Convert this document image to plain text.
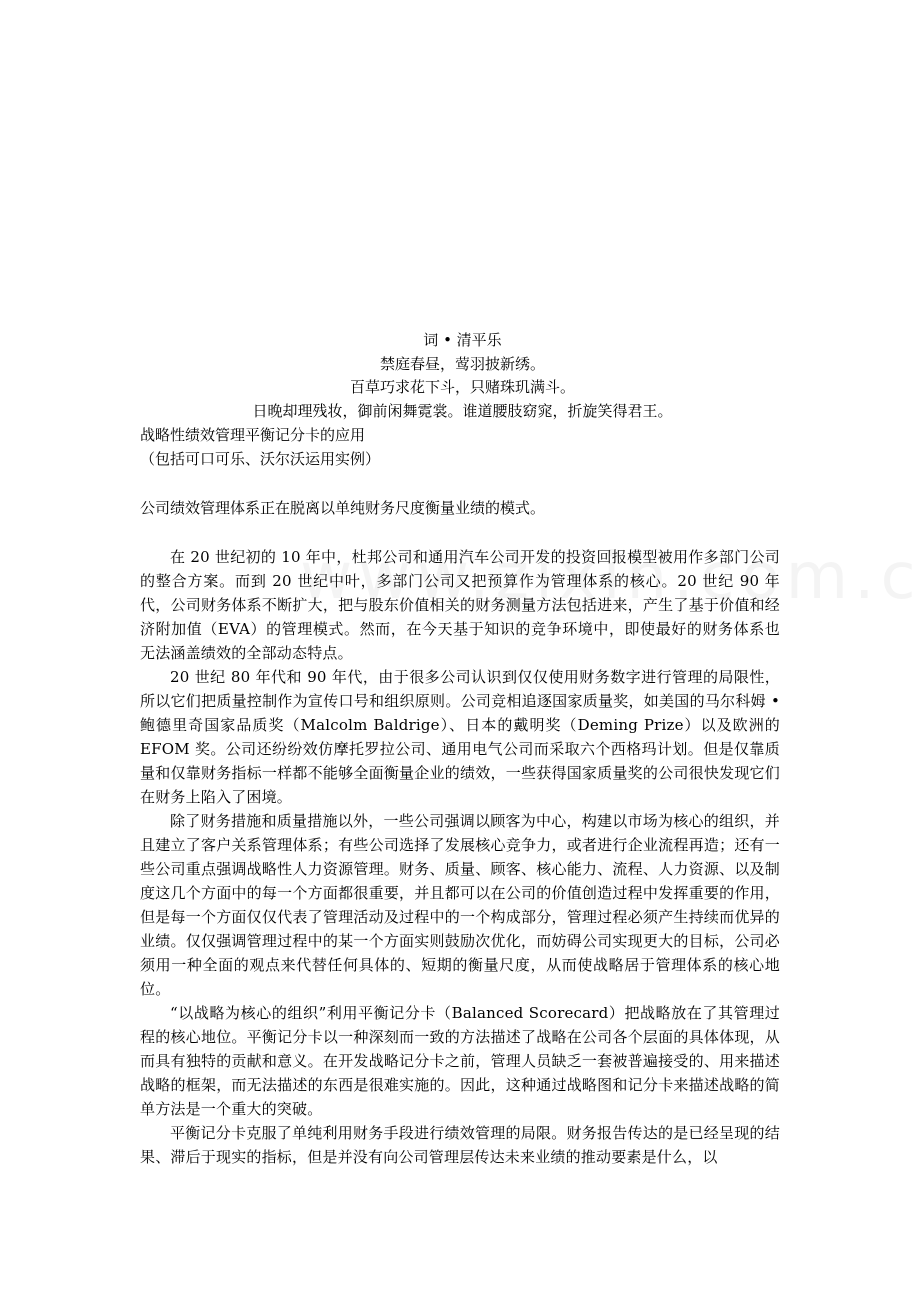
词 • 清平乐
禁庭春昼，莺羽披新绣。
百草巧求花下斗，只赌珠玑满斗。
日晚却理残妆，御前闲舞霓裳。谁道腰肢窈窕，折旋笑得君王。
战略性绩效管理平衡记分卡的应用
（包括可口可乐、沃尔沃运用实例）
公司绩效管理体系正在脱离以单纯财务尺度衡量业绩的模式。

在 20 世纪初的 10 年中，杜邦公司和通用汽车公司开发的投资回报模型被用作多部门公司的整合方案。而到 20 世纪中叶，多部门公司又把预算作为管理体系的核心。20 世纪 90 年代，公司财务体系不断扩大，把与股东价值相关的财务测量方法包括进来，产生了基于价值和经济附加值（EVA）的管理模式。然而，在今天基于知识的竞争环境中，即使最好的财务体系也无法涵盖绩效的全部动态特点。

20 世纪 80 年代和 90 年代，由于很多公司认识到仅仅使用财务数字进行管理的局限性，所以它们把质量控制作为宣传口号和组织原则。公司竞相追逐国家质量奖，如美国的马尔科姆 • 鲍德里奇国家品质奖（Malcolm Baldrige）、日本的戴明奖（Deming Prize）以及欧洲的 EFOM 奖。公司还纷纷效仿摩托罗拉公司、通用电气公司而采取六个西格玛计划。但是仅靠质量和仅靠财务指标一样都不能够全面衡量企业的绩效，一些获得国家质量奖的公司很快发现它们在财务上陷入了困境。

除了财务措施和质量措施以外，一些公司强调以顾客为中心，构建以市场为核心的组织，并且建立了客户关系管理体系；有些公司选择了发展核心竞争力，或者进行企业流程再造；还有一些公司重点强调战略性人力资源管理。财务、质量、顾客、核心能力、流程、人力资源、以及制度这几个方面中的每一个方面都很重要，并且都可以在公司的价值创造过程中发挥重要的作用，但是每一个方面仅仅代表了管理活动及过程中的一个构成部分，管理过程必须产生持续而优异的业绩。仅仅强调管理过程中的某一个方面实则鼓励次优化，而妨碍公司实现更大的目标，公司必须用一种全面的观点来代替任何具体的、短期的衡量尺度，从而使战略居于管理体系的核心地位。

“以战略为核心的组织”利用平衡记分卡（Balanced Scorecard）把战略放在了其管理过程的核心地位。平衡记分卡以一种深刻而一致的方法描述了战略在公司各个层面的具体体现，从而具有独特的贡献和意义。在开发战略记分卡之前，管理人员缺乏一套被普遍接受的、用来描述战略的框架，而无法描述的东西是很难实施的。因此，这种通过战略图和记分卡来描述战略的简单方法是一个重大的突破。

平衡记分卡克服了单纯利用财务手段进行绩效管理的局限。财务报告传达的是已经呈现的结果、滞后于现实的指标，但是并没有向公司管理层传达未来业绩的推动要素是什么，以
